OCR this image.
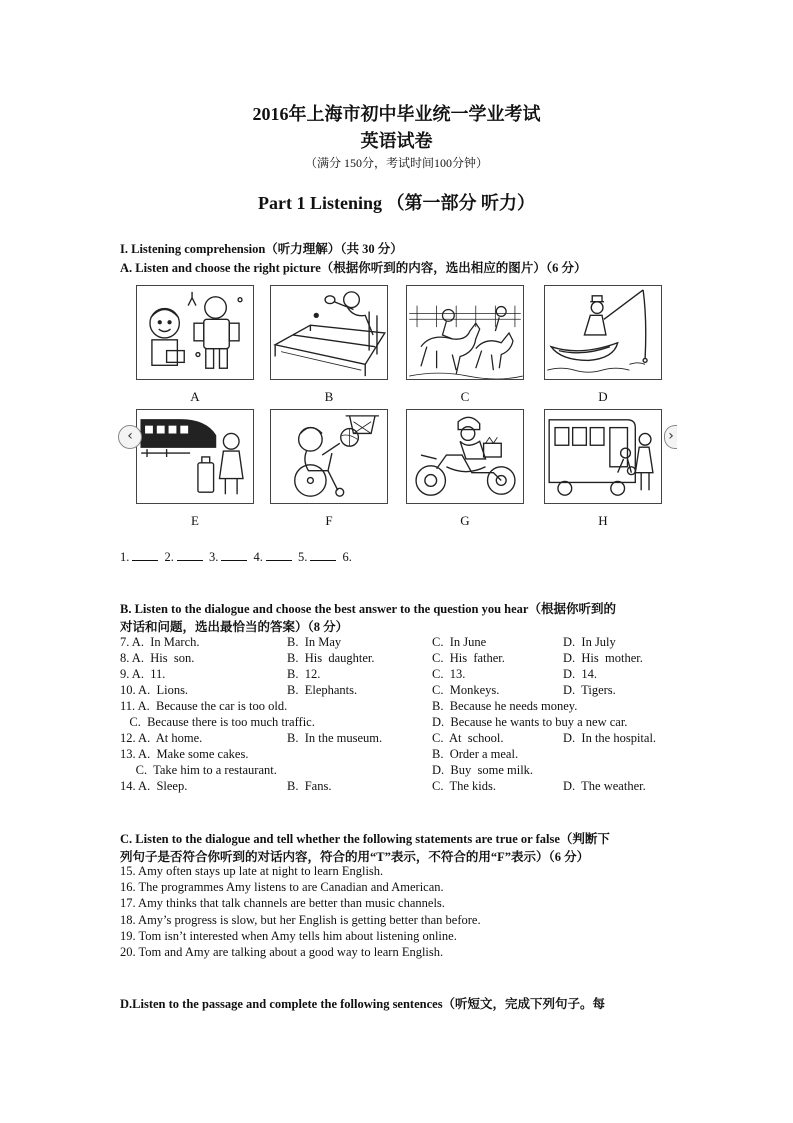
2016年上海市初中毕业统一学业考试
英语试卷
（满分 150分，考试时间100分钟）
Part 1 Listening （第一部分 听力）
I. Listening comprehension（听力理解）（共 30 分）
A. Listen and choose the right picture（根据你听到的内容，选出相应的图片）（6 分）
A	B	C	D
E	F	G	H
‹	›
1.	2.	3.	4.	5.	6.
B. Listen to the dialogue and choose the best answer to the question you hear（根据你听到的
对话和问题，选出最恰当的答案）（8 分）
7. A.  In March.	B.  In May	C.  In June	D.  In July
8. A.  His  son.	B.  His  daughter.	C.  His  father.	D.  His  mother.
9. A.  11.	B.  12.	C.  13.	D.  14.
10. A.  Lions.	B.  Elephants.	C.  Monkeys.	D.  Tigers.
11. A.  Because the car is too old.	B.  Because he needs money.
C.  Because there is too much traffic.	D.  Because he wants to buy a new car.
12. A.  At home.	B.  In the museum.	C.  At  school.	D.  In the hospital.
13. A.  Make some cakes.	B.  Order a meal.
C.  Take him to a restaurant.	D.  Buy  some milk.
14. A.  Sleep.	B.  Fans.	C.  The kids.	D.  The weather.
C. Listen to the dialogue and tell whether the following statements are true or false（判断下
列句子是否符合你听到的对话内容，符合的用“T”表示，不符合的用“F”表示）（6 分）
15. Amy often stays up late at night to learn English.
16. The programmes Amy listens to are Canadian and American.
17. Amy thinks that talk channels are better than music channels.
18. Amy’s progress is slow, but her English is getting better than before.
19. Tom isn’t interested when Amy tells him about listening online.
20. Tom and Amy are talking about a good way to learn English.
D.Listen to the passage and complete the following sentences（听短文，完成下列句子。每
